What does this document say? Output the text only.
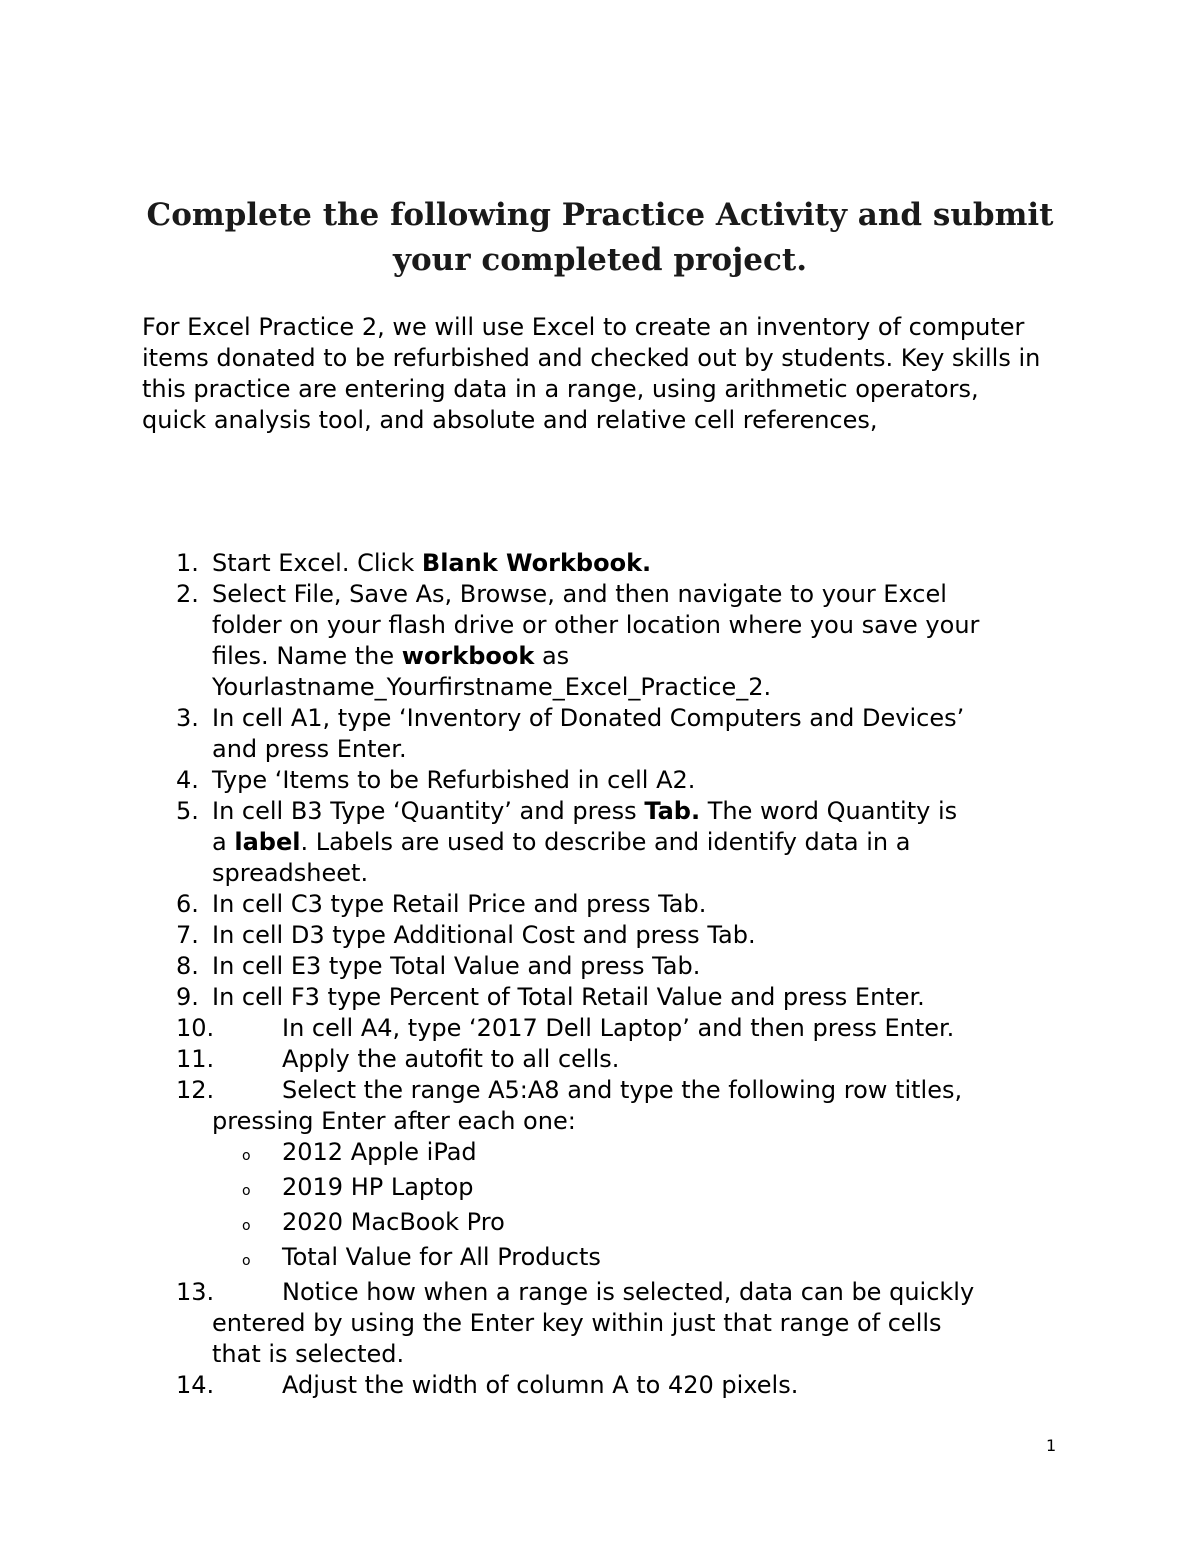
Complete the following Practice Activity and submit your completed project.

For Excel Practice 2, we will use Excel to create an inventory of computer items donated to be refurbished and checked out by students. Key skills in this practice are entering data in a range, using arithmetic operators, quick analysis tool, and absolute and relative cell references,

1. Start Excel. Click Blank Workbook.
2. Select File, Save As, Browse, and then navigate to your Excel
folder on your flash drive or other location where you save your
files. Name the workbook as
Yourlastname_Yourfirstname_Excel_Practice_2.
3. In cell A1, type ‘Inventory of Donated Computers and Devices’
and press Enter.
4. Type ‘Items to be Refurbished in cell A2.
5. In cell B3 Type ‘Quantity’ and press Tab. The word Quantity is
a label. Labels are used to describe and identify data in a
spreadsheet.
6. In cell C3 type Retail Price and press Tab.
7. In cell D3 type Additional Cost and press Tab.
8. In cell E3 type Total Value and press Tab.
9. In cell F3 type Percent of Total Retail Value and press Enter.
10.	In cell A4, type ‘2017 Dell Laptop’ and then press Enter.
11.	Apply the autofit to all cells.
12.	Select the range A5:A8 and type the following row titles,
pressing Enter after each one:
o	2012 Apple iPad
o	2019 HP Laptop
o	2020 MacBook Pro
o	Total Value for All Products
13.	Notice how when a range is selected, data can be quickly
entered by using the Enter key within just that range of cells
that is selected.
14.	Adjust the width of column A to 420 pixels.
1
